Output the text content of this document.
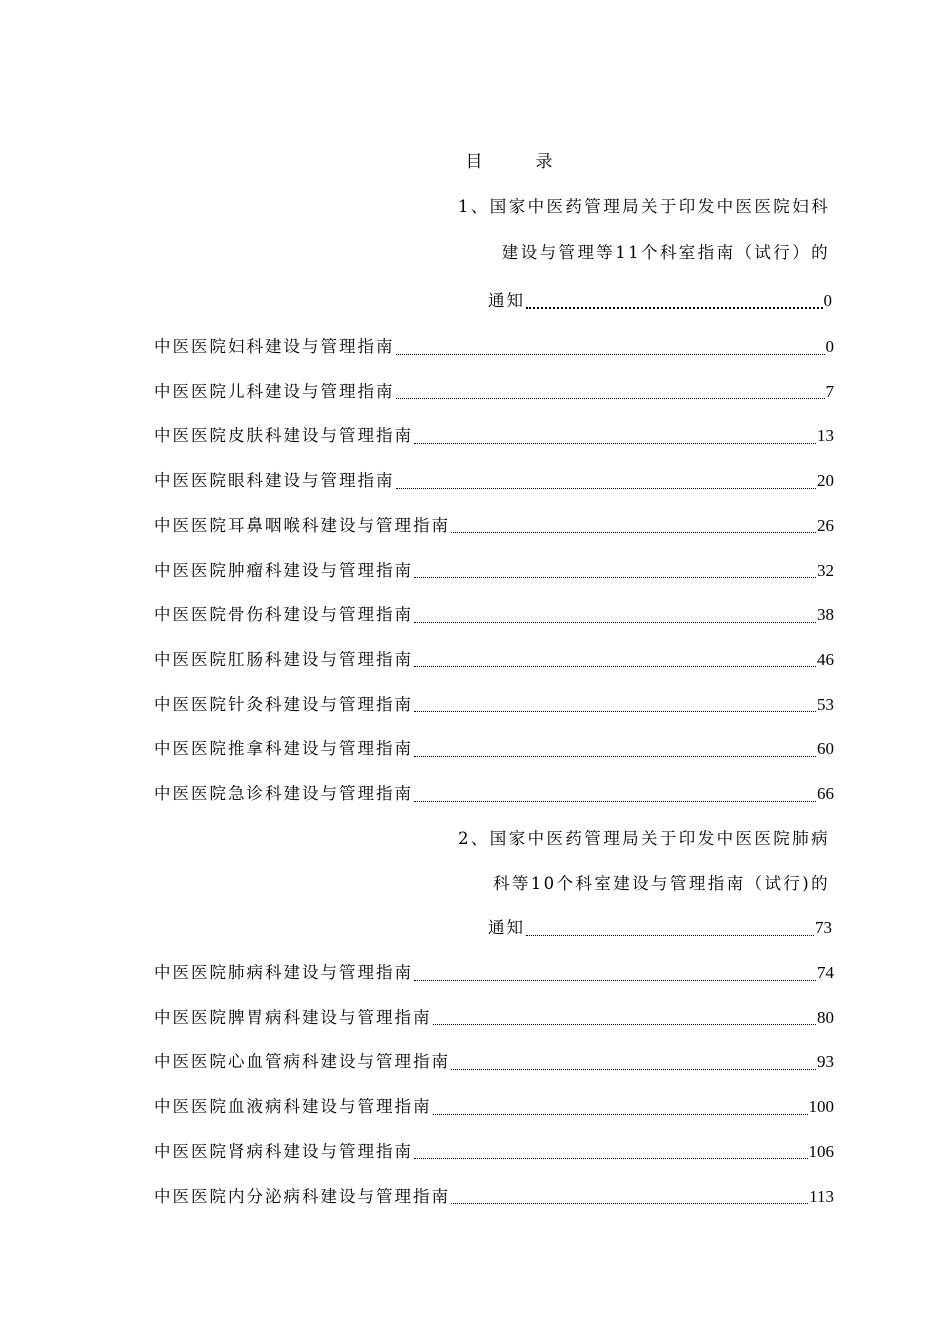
目　录
1、国家中医药管理局关于印发中医医院妇科
建设与管理等11个科室指南（试行）的
通知	0
中医医院妇科建设与管理指南	0
中医医院儿科建设与管理指南	7
中医医院皮肤科建设与管理指南	13
中医医院眼科建设与管理指南	20
中医医院耳鼻咽喉科建设与管理指南	26
中医医院肿瘤科建设与管理指南	32
中医医院骨伤科建设与管理指南	38
中医医院肛肠科建设与管理指南	46
中医医院针灸科建设与管理指南	53
中医医院推拿科建设与管理指南	60
中医医院急诊科建设与管理指南	66
2、国家中医药管理局关于印发中医医院肺病
科等10个科室建设与管理指南（试行)的
通知	73
中医医院肺病科建设与管理指南	74
中医医院脾胃病科建设与管理指南	80
中医医院心血管病科建设与管理指南	93
中医医院血液病科建设与管理指南	100
中医医院肾病科建设与管理指南	106
中医医院内分泌病科建设与管理指南	113
